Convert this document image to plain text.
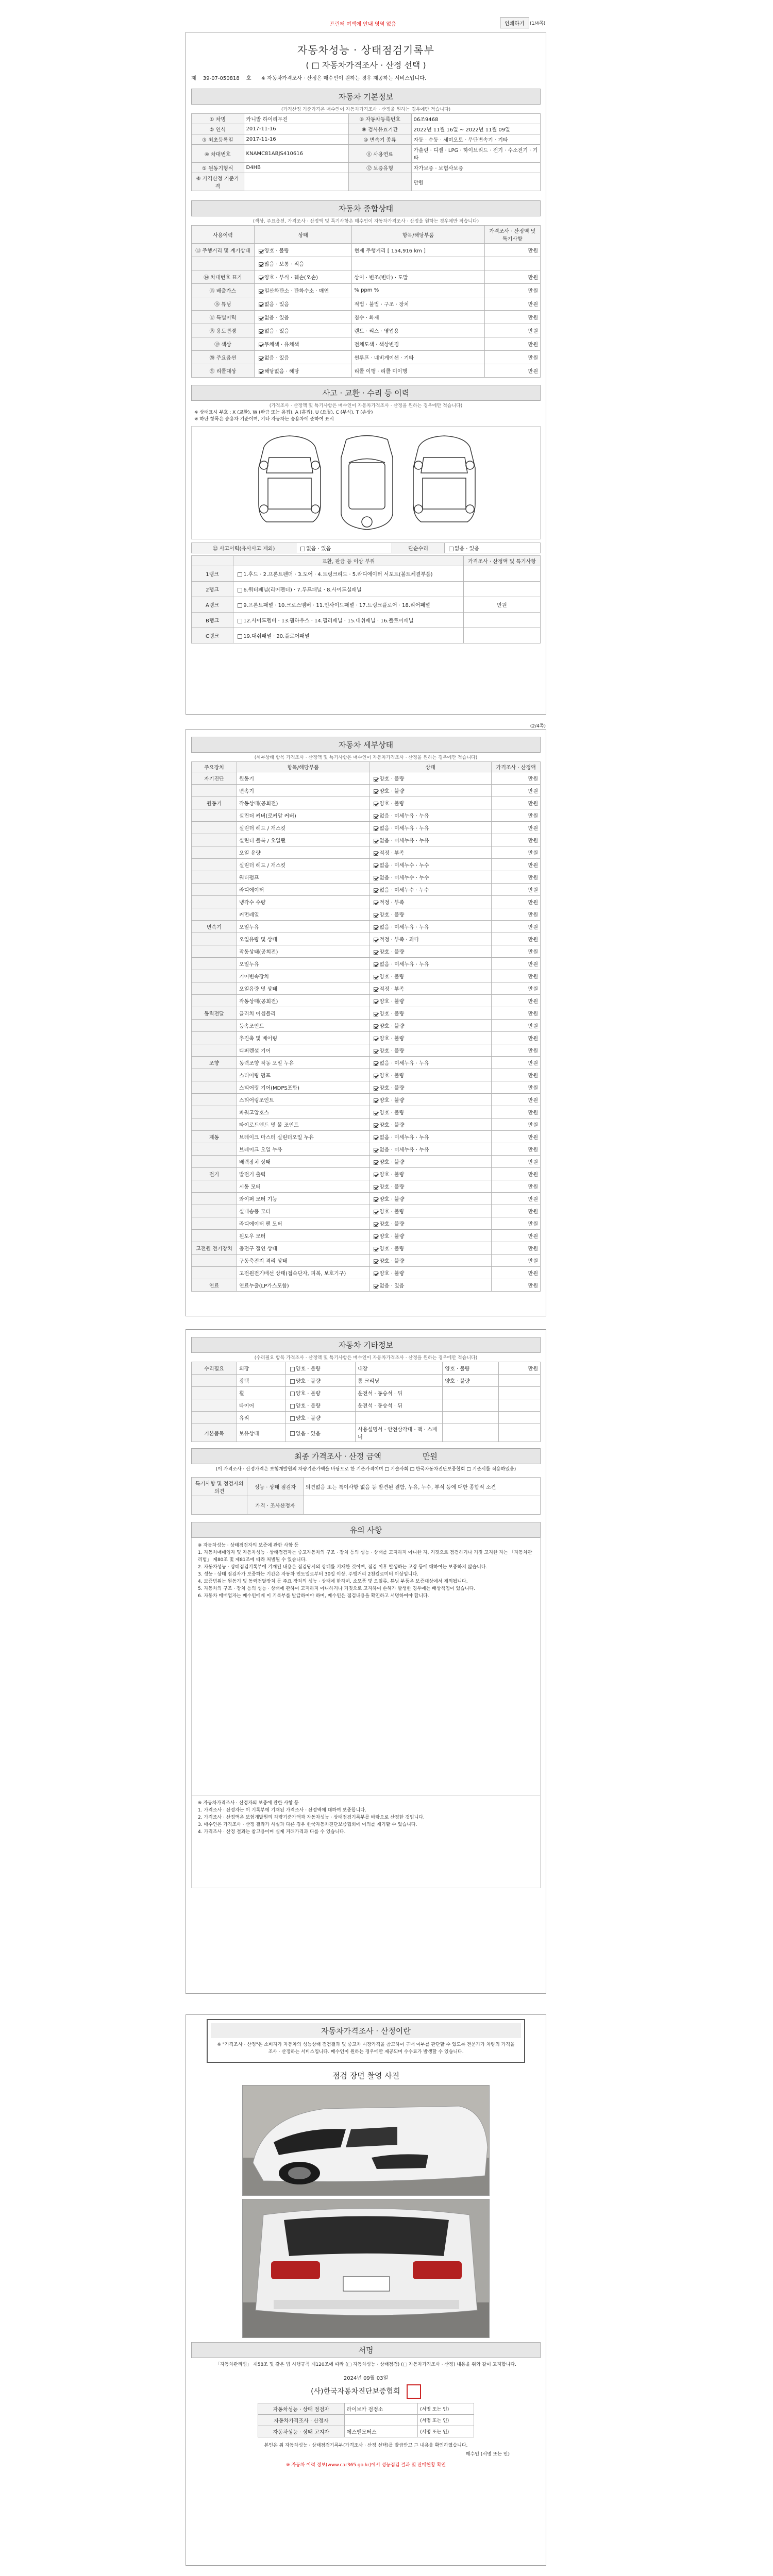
프린터 여백에 안내 영역 없음	인쇄하기	(1/4쪽)
자동차성능 · 상태점검기록부
( □ 자동차가격조사 · 산정 선택 )
제 39-07-050818 호 ※ 자동차가격조사 · 산정은 매수인이 원하는 경우 제공하는 서비스입니다.
자동차 기본정보
(가격산정 기준가격은 매수인이 자동차가격조사 · 산정을 원하는 경우에만 적습니다)
① 차명	카니발 하이리무진	⑧ 자동차등록번호	06조9468
② 연식	2017-11-16	⑨ 검사유효기간	2022년 11월 16일 ~ 2022년 11월 09일
③ 최초등록일	2017-11-16	⑩ 변속기 종류	자동 · 수동 · 세미오토 · 무단변속기 · 기타
④ 차대번호	KNAMC81ABJS410616	⑪ 사용연료	가솔린 · 디젤 · LPG · 하이브리드 · 전기 · 수소전기 · 기타
⑤ 원동기형식	D4HB	⑫ 보증유형	자가보증 · 보험사보증
⑥ 가격산정 기준가격			만원
자동차 종합상태
(색상, 주요옵션, 가격조사 · 산정액 및 특기사항은 매수인이 자동차가격조사 · 산정을 원하는 경우에만 적습니다)
사용이력	상태	항목/해당부품	가격조사 · 산정액 및 특기사항
⑬ 주행거리 및 계기상태	양호 · 불량	현재 주행거리 [ 154,916 km ]	만원
	많음 · 보통 · 적음		
⑭ 차대번호 표기	양호 · 부식 · 훼손(오손)	상이 · 변조(변타) · 도말	만원
⑮ 배출가스	일산화탄소 · 탄화수소 · 매연	% ppm %	만원
⑯ 튜닝	없음 · 있음	적법 · 불법 · 구조 · 장치	만원
⑰ 특별이력	없음 · 있음	침수 · 화재	만원
⑱ 용도변경	없음 · 있음	렌트 · 리스 · 영업용	만원
⑲ 색상	무채색 · 유채색	전체도색 · 색상변경	만원
⑳ 주요옵션	없음 · 있음	썬루프 · 네비게이션 · 기타	만원
㉑ 리콜대상	해당없음 · 해당	리콜 이행 · 리콜 미이행	만원
사고 · 교환 · 수리 등 이력
(가격조사 · 산정액 및 특기사항은 매수인이 자동차가격조사 · 산정을 원하는 경우에만 적습니다)
※ 상태표시 부호 : X (교환), W (판금 또는 용접), A (흠집), U (요철), C (부식), T (손상)
※ 하단 항목은 승용차 기준이며, 기타 자동차는 승용차에 준하여 표시
㉒ 사고이력(유사사고 제외)	없음 · 있음	단순수리	없음 · 있음
	교환, 판금 등 이상 부위	가격조사 · 산정액 및 특기사항
1랭크	1.후드 · 2.프론트펜더 · 3.도어 · 4.트렁크리드 · 5.라디에이터 서포트(볼트체결부품)	
2랭크	6.쿼터패널(리어펜더) · 7.루프패널 · 8.사이드실패널	
A랭크	9.프론트패널 · 10.크로스멤버 · 11.인사이드패널 · 17.트렁크플로어 · 18.리어패널	만원
B랭크	12.사이드멤버 · 13.휠하우스 · 14.필러패널 · 15.대쉬패널 · 16.플로어패널	
C랭크	19.대쉬패널 · 20.플로어패널	
(2/4쪽)
자동차 세부상태
(세부상태 항목 가격조사 · 산정액 및 특기사항은 매수인이 자동차가격조사 · 산정을 원하는 경우에만 적습니다)
주요장치	항목/해당부품	상태	가격조사 · 산정액
자기진단	원동기	양호 · 불량	만원
	변속기	양호 · 불량	만원
원동기	작동상태(공회전)	양호 · 불량	만원
	실린더 커버(로커암 커버)	없음 · 미세누유 · 누유	만원
	실린더 헤드 / 개스킷	없음 · 미세누유 · 누유	만원
	실린더 블록 / 오일팬	없음 · 미세누유 · 누유	만원
	오일 유량	적정 · 부족	만원
	실린더 헤드 / 개스킷	없음 · 미세누수 · 누수	만원
	워터펌프	없음 · 미세누수 · 누수	만원
	라디에이터	없음 · 미세누수 · 누수	만원
	냉각수 수량	적정 · 부족	만원
	커먼레일	양호 · 불량	만원
변속기	오일누유	없음 · 미세누유 · 누유	만원
	오일유량 및 상태	적정 · 부족 · 과다	만원
	작동상태(공회전)	양호 · 불량	만원
	오일누유	없음 · 미세누유 · 누유	만원
	기어변속장치	양호 · 불량	만원
	오일유량 및 상태	적정 · 부족	만원
	작동상태(공회전)	양호 · 불량	만원
동력전달	클러치 어셈블리	양호 · 불량	만원
	등속조인트	양호 · 불량	만원
	추진축 및 베어링	양호 · 불량	만원
	디퍼렌셜 기어	양호 · 불량	만원
조향	동력조향 작동 오일 누유	없음 · 미세누유 · 누유	만원
	스티어링 펌프	양호 · 불량	만원
	스티어링 기어(MDPS포함)	양호 · 불량	만원
	스티어링조인트	양호 · 불량	만원
	파워고압호스	양호 · 불량	만원
	타이로드엔드 및 볼 조인트	양호 · 불량	만원
제동	브레이크 마스터 실린더오일 누유	없음 · 미세누유 · 누유	만원
	브레이크 오일 누유	없음 · 미세누유 · 누유	만원
	배력장치 상태	양호 · 불량	만원
전기	발전기 출력	양호 · 불량	만원
	시동 모터	양호 · 불량	만원
	와이퍼 모터 기능	양호 · 불량	만원
	실내송풍 모터	양호 · 불량	만원
	라디에이터 팬 모터	양호 · 불량	만원
	윈도우 모터	양호 · 불량	만원
고전원 전기장치	충전구 절연 상태	양호 · 불량	만원
	구동축전지 격리 상태	양호 · 불량	만원
	고전원전기배선 상태(접속단자, 피복, 보호기구)	양호 · 불량	만원
연료	연료누출(LP가스포함)	없음 · 있음	만원
자동차 기타정보
(수리필요 항목 가격조사 · 산정액 및 특기사항은 매수인이 자동차가격조사 · 산정을 원하는 경우에만 적습니다)
수리필요	외장	양호 · 불량	내장	양호 · 불량	만원
	광택	양호 · 불량	룸 크리닝	양호 · 불량	
	휠	양호 · 불량	운전석 · 동승석 · 뒤		
	타이어	양호 · 불량	운전석 · 동승석 · 뒤		
	유리	양호 · 불량			
기본품목	보유상태	없음 · 있음	사용설명서 · 안전삼각대 · 잭 · 스패너		
최종 가격조사 · 산정 금액	만원
(이 가격조사 · 산정가격은 보험개발원의 차량기준가액을 바탕으로 한 기준가격이며 □ 기술사회 □ 한국자동차진단보증협회 □ 기준서를 적용하였음)
특기사항 및 점검자의 의견	성능 · 상태 점검자	의견없음 또는 특이사항 없음 등 발견된 결함, 누유, 누수, 부식 등에 대한 종합적 소견
	가격 · 조사산정자	
유의 사항
※ 자동차성능 · 상태점검자의 보증에 관한 사항 등
1. 자동차매매업자 및 자동차성능 · 상태점검자는 중고자동차의 구조 · 장치 등의 성능 · 상태를 고지하지 아니한 자, 거짓으로 점검하거나 거짓 고지한 자는 「자동차관리법」 제80조 및 제81조에 따라 처벌될 수 있습니다.
2. 자동차성능 · 상태점검기록부에 기재된 내용은 점검당시의 상태를 기재한 것이며, 점검 이후 발생하는 고장 등에 대하여는 보증하지 않습니다.
3. 성능 · 상태 점검자가 보증하는 기간은 자동차 인도일로부터 30일 이상, 주행거리 2천킬로미터 이상입니다.
4. 보증범위는 원동기 및 동력전달장치 등 주요 장치의 성능 · 상태에 한하며, 소모품 및 오일류, 튜닝 부품은 보증대상에서 제외됩니다.
5. 자동차의 구조 · 장치 등의 성능 · 상태에 관하여 고지하지 아니하거나 거짓으로 고지하여 손해가 발생한 경우에는 배상책임이 있습니다.
6. 자동차 매매업자는 매수인에게 이 기록부를 발급하여야 하며, 매수인은 점검내용을 확인하고 서명하여야 합니다.
※ 자동차가격조사 · 산정자의 보증에 관한 사항 등
1. 가격조사 · 산정자는 이 기록부에 기재된 가격조사 · 산정액에 대하여 보증합니다.
2. 가격조사 · 산정액은 보험개발원의 차량기준가액과 자동차성능 · 상태점검기록부를 바탕으로 산정한 것입니다.
3. 매수인은 가격조사 · 산정 결과가 사실과 다른 경우 한국자동차진단보증협회에 이의를 제기할 수 있습니다.
4. 가격조사 · 산정 결과는 참고용이며 실제 거래가격과 다를 수 있습니다.
자동차가격조사 · 산정이란
※ "가격조사 · 산정"은 소비자가 자동차의 성능상태 점검결과 및 중고차 시장가격을 참고하여 구매 여부를 판단할 수 있도록 전문가가 차량의 가격을 조사 · 산정하는 서비스입니다. 매수인이 원하는 경우에만 제공되며 수수료가 발생할 수 있습니다.
점검 장면 촬영 사진
서명
「자동차관리법」 제58조 및 같은 법 시행규칙 제120조에 따라 (□ 자동차성능 · 상태점검) (□ 자동차가격조사 · 산정) 내용을 위와 같이 고지합니다.
2024년 09월 03일
(사)한국자동차진단보증협회
자동차성능 · 상태 점검자	라이브카 검정소	(서명 또는 인)
자동차가격조사 · 산정자		(서명 또는 인)
자동차성능 · 상태 고지자	에스엔모터스	(서명 또는 인)
본인은 위 자동차성능 · 상태점검기록부(가격조사 · 산정 선택)를 발급받고 그 내용을 확인하였습니다.
매수인 (서명 또는 인)
※ 자동차 이력 정보(www.car365.go.kr)에서 성능점검 결과 및 판매현황 확인
